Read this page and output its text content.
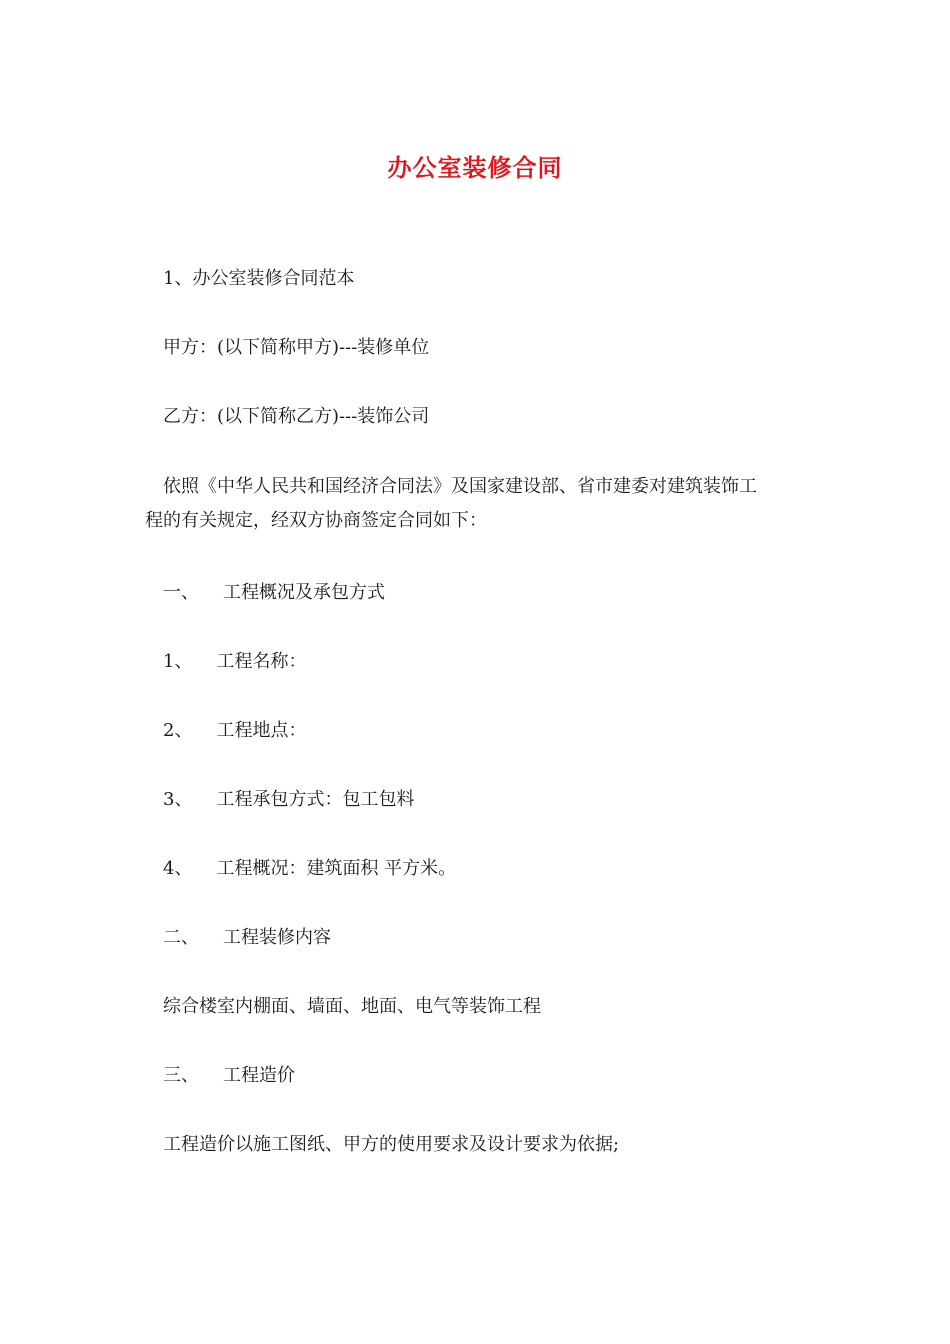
办公室装修合同
1、办公室装修合同范本
甲方：(以下简称甲方)---装修单位
乙方：(以下简称乙方)---装饰公司
依照《中华人民共和国经济合同法》及国家建设部、省市建委对建筑装饰工
程的有关规定，经双方协商签定合同如下：
一、 工程概况及承包方式
1、 工程名称：
2、 工程地点：
3、 工程承包方式：包工包料
4、 工程概况：建筑面积 平方米。
二、 工程装修内容
综合楼室内棚面、墙面、地面、电气等装饰工程
三、 工程造价
工程造价以施工图纸、甲方的使用要求及设计要求为依据;
